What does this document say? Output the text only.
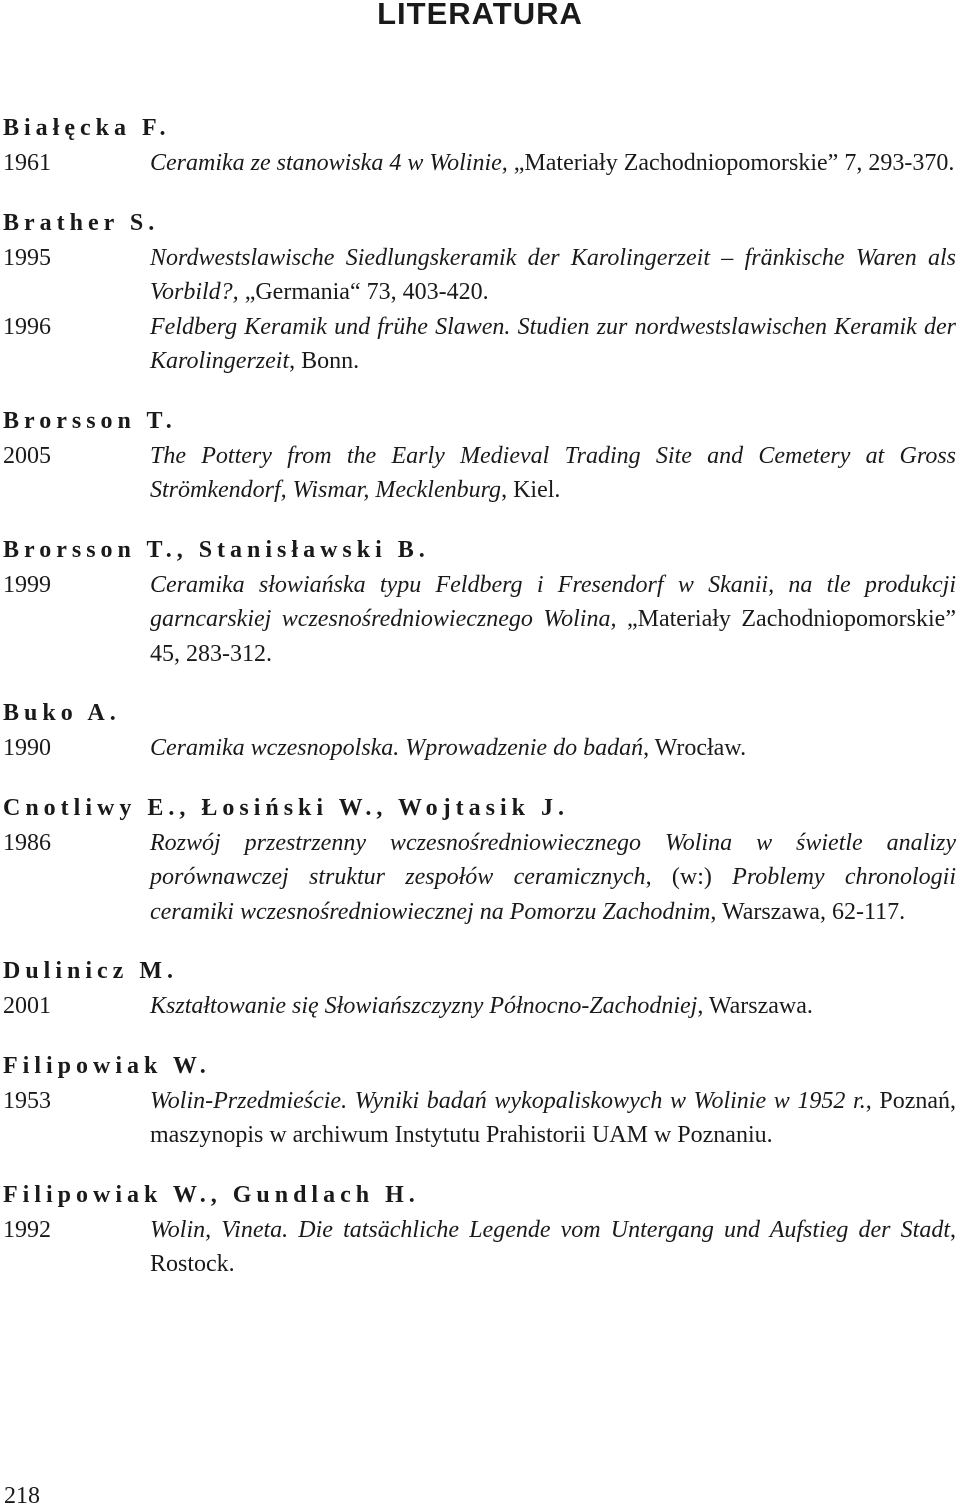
LITERATURA
Białęcka F.
1961	Ceramika ze stanowiska 4 w Wolinie, „Materiały Zachodniopomorskie” 7, 293-370.
Brather S.
1995	Nordwestslawische Siedlungskeramik der Karolingerzeit – fränkische Waren als Vorbild?, „Germania“ 73, 403-420.
1996	Feldberg Keramik und frühe Slawen. Studien zur nordwestslawischen Keramik der Karolingerzeit, Bonn.
Brorsson T.
2005	The Pottery from the Early Medieval Trading Site and Cemetery at Gross Strömkendorf, Wismar, Mecklenburg, Kiel.
Brorsson T., Stanisławski B.
1999	Ceramika słowiańska typu Feldberg i Fresendorf w Skanii, na tle produkcji garncarskiej wczesnośredniowiecznego Wolina, „Materiały Zachodniopomorskie” 45, 283-312.
Buko A.
1990	Ceramika wczesnopolska. Wprowadzenie do badań, Wrocław.
Cnotliwy E., Łosiński W., Wojtasik J.
1986	Rozwój przestrzenny wczesnośredniowiecznego Wolina w świetle analizy porównawczej struktur zespołów ceramicznych, (w:) Problemy chronologii ceramiki wczesnośredniowiecznej na Pomorzu Zachodnim, Warszawa, 62-117.
Dulinicz M.
2001	Kształtowanie się Słowiańszczyzny Północno-Zachodniej, Warszawa.
Filipowiak W.
1953	Wolin-Przedmieście. Wyniki badań wykopaliskowych w Wolinie w 1952 r., Poznań, maszynopis w archiwum Instytutu Prahistorii UAM w Poznaniu.
Filipowiak W., Gundlach H.
1992	Wolin, Vineta. Die tatsächliche Legende vom Untergang und Aufstieg der Stadt, Rostock.
218
